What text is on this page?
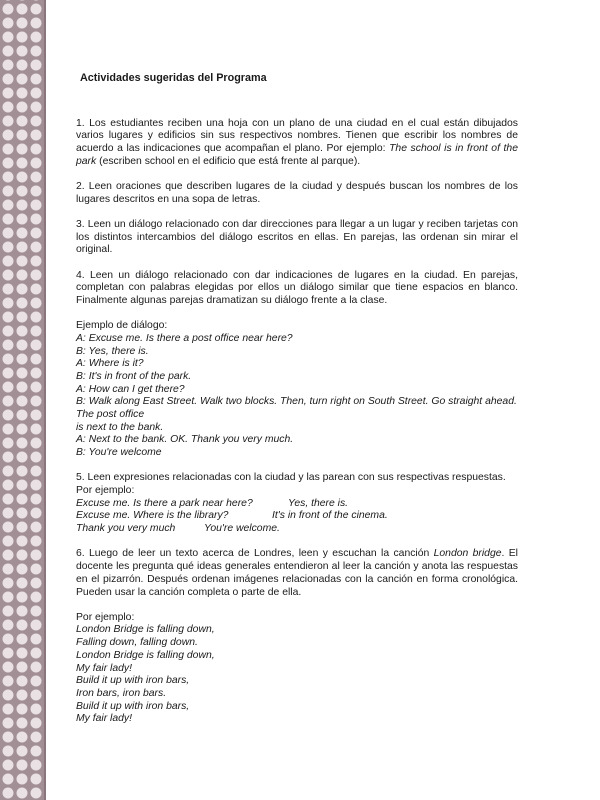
Actividades sugeridas del Programa

1. Los estudiantes reciben una hoja con un plano de una ciudad en el cual están dibujados varios lugares y edificios sin sus respectivos nombres. Tienen que escribir los nombres de acuerdo a las indicaciones que acompañan el plano. Por ejemplo: The school is in front of the park (escriben school en el edificio que está frente al parque).

2. Leen oraciones que describen lugares de la ciudad y después buscan los nombres de los lugares descritos en una sopa de letras.

3. Leen un diálogo relacionado con dar direcciones para llegar a un lugar y reciben tarjetas con los distintos intercambios del diálogo escritos en ellas. En parejas, las ordenan sin mirar el original.

4. Leen un diálogo relacionado con dar indicaciones de lugares en la ciudad. En parejas, completan con palabras elegidas por ellos un diálogo similar que tiene espacios en blanco. Finalmente algunas parejas dramatizan su diálogo frente a la clase.

Ejemplo de diálogo:
A: Excuse me. Is there a post office near here?
B: Yes, there is.
A: Where is it?
B: It's in front of the park.
A: How can I get there?
B: Walk along East Street. Walk two blocks. Then, turn right on South Street. Go straight ahead. The post office
is next to the bank.
A: Next to the bank. OK. Thank you very much.
B: You're welcome

5. Leen expresiones relacionadas con la ciudad y las parean con sus respectivas respuestas.

Por ejemplo:
Excuse me. Is there a park near here?	Yes, there is.
Excuse me. Where is the library?	It's in front of the cinema.
Thank you very much	You're welcome.

6. Luego de leer un texto acerca de Londres, leen y escuchan la canción London bridge. El docente les pregunta qué ideas generales entendieron al leer la canción y anota las respuestas en el pizarrón. Después ordenan imágenes relacionadas con la canción en forma cronológica. Pueden usar la canción completa o parte de ella.

Por ejemplo:
London Bridge is falling down,
Falling down, falling down.
London Bridge is falling down,
My fair lady!
Build it up with iron bars,
Iron bars, iron bars.
Build it up with iron bars,
My fair lady!
